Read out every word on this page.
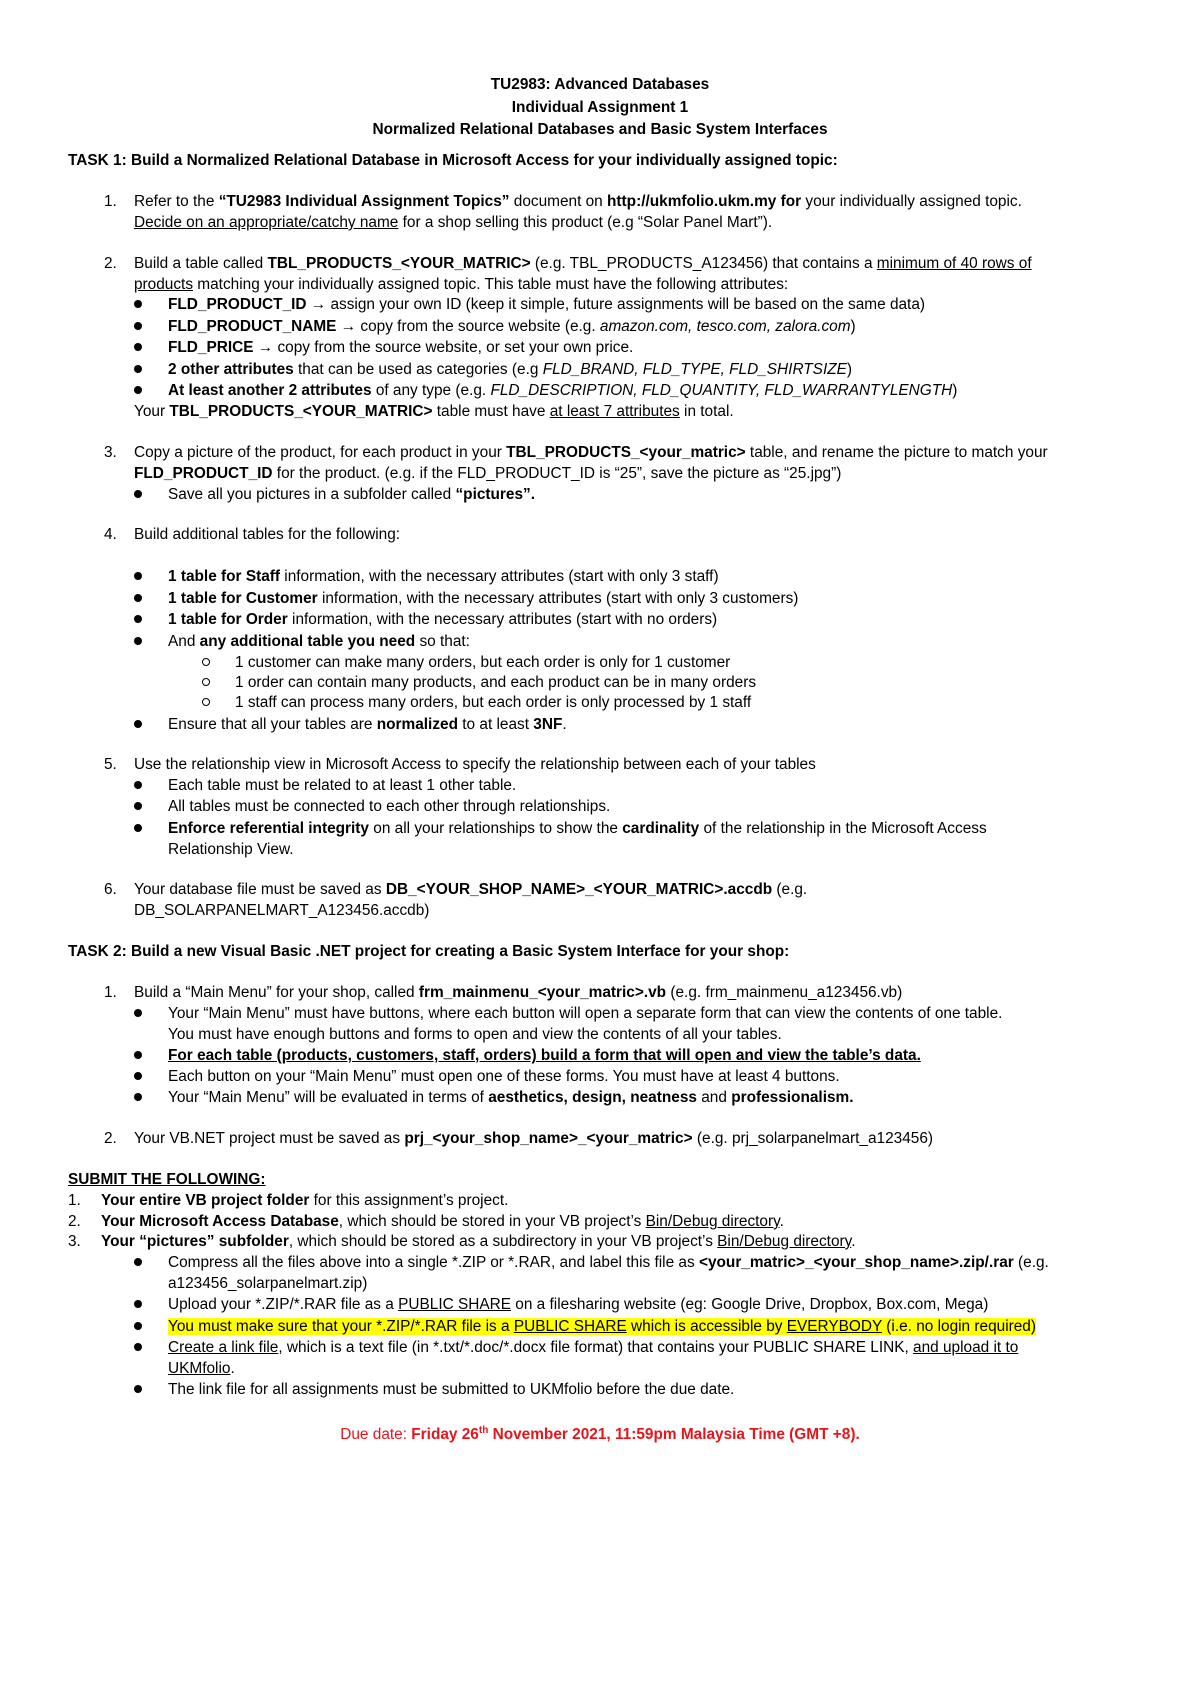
TU2983: Advanced Databases
Individual Assignment 1
Normalized Relational Databases and Basic System Interfaces
TASK 1: Build a Normalized Relational Database in Microsoft Access for your individually assigned topic:
1. Refer to the “TU2983 Individual Assignment Topics” document on http://ukmfolio.ukm.my for your individually assigned topic.
Decide on an appropriate/catchy name for a shop selling this product (e.g “Solar Panel Mart”).
2. Build a table called TBL_PRODUCTS_<YOUR_MATRIC> (e.g. TBL_PRODUCTS_A123456) that contains a minimum of 40 rows of
products matching your individually assigned topic. This table must have the following attributes:
FLD_PRODUCT_ID → assign your own ID (keep it simple, future assignments will be based on the same data)
FLD_PRODUCT_NAME → copy from the source website (e.g. amazon.com, tesco.com, zalora.com)
FLD_PRICE → copy from the source website, or set your own price.
2 other attributes that can be used as categories (e.g FLD_BRAND, FLD_TYPE, FLD_SHIRTSIZE)
At least another 2 attributes of any type (e.g. FLD_DESCRIPTION, FLD_QUANTITY, FLD_WARRANTYLENGTH)
Your TBL_PRODUCTS_<YOUR_MATRIC> table must have at least 7 attributes in total.
3. Copy a picture of the product, for each product in your TBL_PRODUCTS_<your_matric> table, and rename the picture to match your
FLD_PRODUCT_ID for the product. (e.g. if the FLD_PRODUCT_ID is “25”, save the picture as “25.jpg”)
Save all you pictures in a subfolder called “pictures”.
4. Build additional tables for the following:
1 table for Staff information, with the necessary attributes (start with only 3 staff)
1 table for Customer information, with the necessary attributes (start with only 3 customers)
1 table for Order information, with the necessary attributes (start with no orders)
And any additional table you need so that:
1 customer can make many orders, but each order is only for 1 customer
1 order can contain many products, and each product can be in many orders
1 staff can process many orders, but each order is only processed by 1 staff
Ensure that all your tables are normalized to at least 3NF.
5. Use the relationship view in Microsoft Access to specify the relationship between each of your tables
Each table must be related to at least 1 other table.
All tables must be connected to each other through relationships.
Enforce referential integrity on all your relationships to show the cardinality of the relationship in the Microsoft Access
Relationship View.
6. Your database file must be saved as DB_<YOUR_SHOP_NAME>_<YOUR_MATRIC>.accdb (e.g.
DB_SOLARPANELMART_A123456.accdb)
TASK 2: Build a new Visual Basic .NET project for creating a Basic System Interface for your shop:
1. Build a “Main Menu” for your shop, called frm_mainmenu_<your_matric>.vb (e.g. frm_mainmenu_a123456.vb)
Your “Main Menu” must have buttons, where each button will open a separate form that can view the contents of one table.
You must have enough buttons and forms to open and view the contents of all your tables.
For each table (products, customers, staff, orders) build a form that will open and view the table’s data.
Each button on your “Main Menu” must open one of these forms. You must have at least 4 buttons.
Your “Main Menu” will be evaluated in terms of aesthetics, design, neatness and professionalism.
2. Your VB.NET project must be saved as prj_<your_shop_name>_<your_matric> (e.g. prj_solarpanelmart_a123456)
SUBMIT THE FOLLOWING:
1. Your entire VB project folder for this assignment’s project.
2. Your Microsoft Access Database, which should be stored in your VB project’s Bin/Debug directory.
3. Your “pictures” subfolder, which should be stored as a subdirectory in your VB project’s Bin/Debug directory.
Compress all the files above into a single *.ZIP or *.RAR, and label this file as <your_matric>_<your_shop_name>.zip/.rar (e.g.
a123456_solarpanelmart.zip)
Upload your *.ZIP/*.RAR file as a PUBLIC SHARE on a filesharing website (eg: Google Drive, Dropbox, Box.com, Mega)
You must make sure that your *.ZIP/*.RAR file is a PUBLIC SHARE which is accessible by EVERYBODY (i.e. no login required)
Create a link file, which is a text file (in *.txt/*.doc/*.docx file format) that contains your PUBLIC SHARE LINK, and upload it to
UKMfolio.
The link file for all assignments must be submitted to UKMfolio before the due date.
Due date: Friday 26th November 2021, 11:59pm Malaysia Time (GMT +8).
